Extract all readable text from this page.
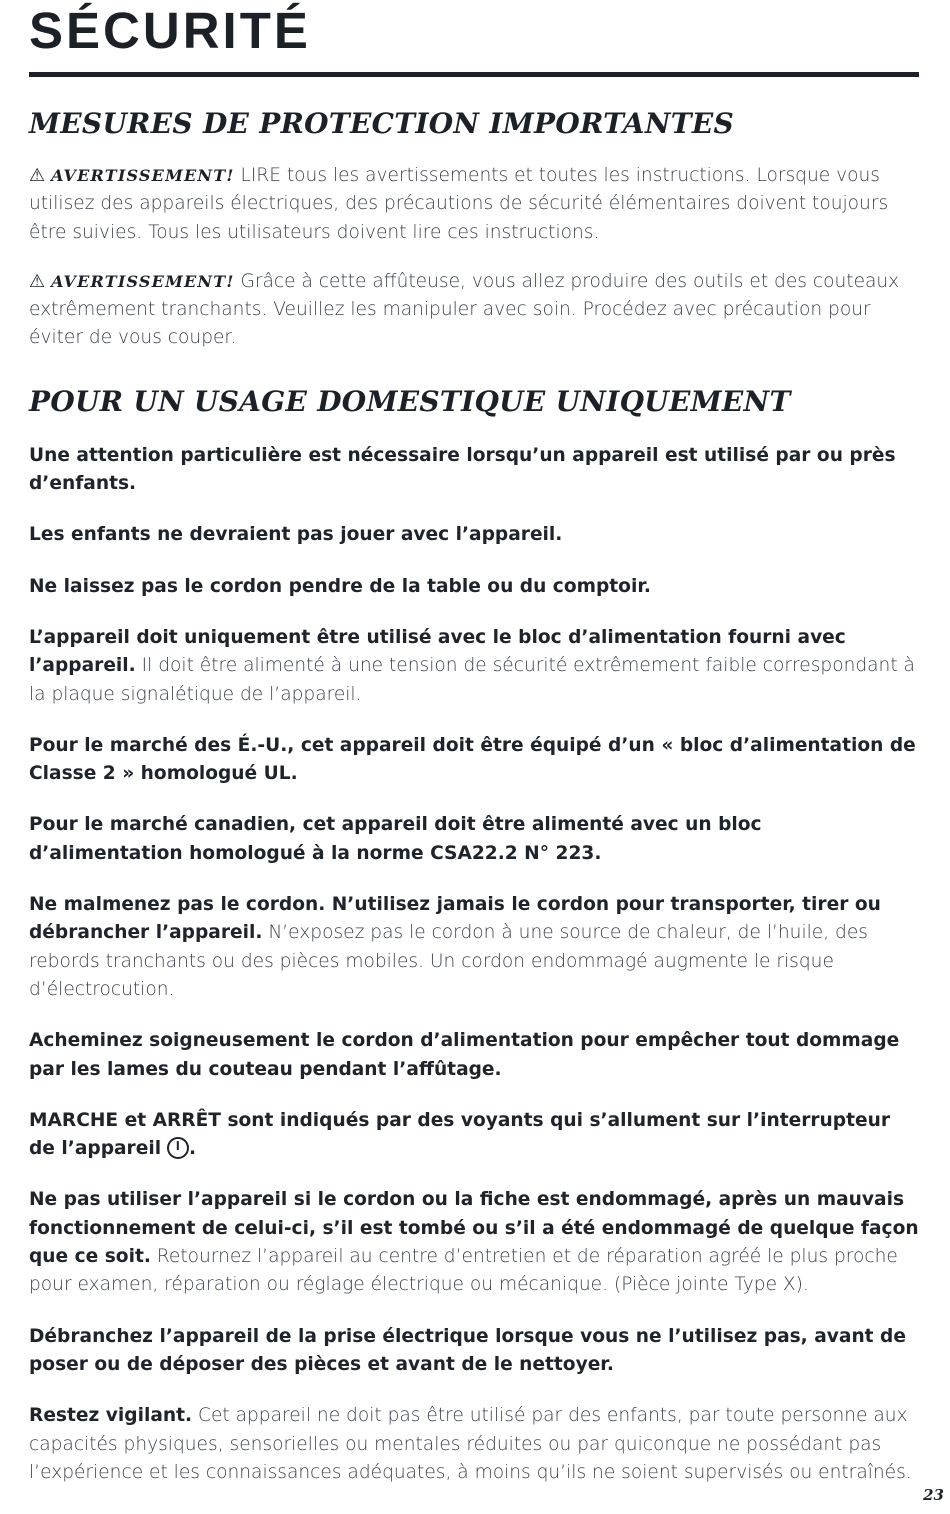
SÉCURITÉ
MESURES DE PROTECTION IMPORTANTES

⚠ AVERTISSEMENT! LIRE tous les avertissements et toutes les instructions. Lorsque vous utilisez des appareils électriques, des précautions de sécurité élémentaires doivent toujours être suivies. Tous les utilisateurs doivent lire ces instructions.

⚠ AVERTISSEMENT! Grâce à cette affûteuse, vous allez produire des outils et des couteaux extrêmement tranchants. Veuillez les manipuler avec soin. Procédez avec précaution pour éviter de vous couper.

POUR UN USAGE DOMESTIQUE UNIQUEMENT

Une attention particulière est nécessaire lorsqu’un appareil est utilisé par ou près d’enfants.

Les enfants ne devraient pas jouer avec l’appareil.

Ne laissez pas le cordon pendre de la table ou du comptoir.

L’appareil doit uniquement être utilisé avec le bloc d’alimentation fourni avec l’appareil. Il doit être alimenté à une tension de sécurité extrêmement faible correspondant à la plaque signalétique de l’appareil.

Pour le marché des É.-U., cet appareil doit être équipé d’un « bloc d’alimentation de Classe 2 » homologué UL.

Pour le marché canadien, cet appareil doit être alimenté avec un bloc d’alimentation homologué à la norme CSA22.2 N° 223.

Ne malmenez pas le cordon. N’utilisez jamais le cordon pour transporter, tirer ou débrancher l’appareil. N’exposez pas le cordon à une source de chaleur, de l’huile, des rebords tranchants ou des pièces mobiles. Un cordon endommagé augmente le risque d’électrocution.

Acheminez soigneusement le cordon d’alimentation pour empêcher tout dommage par les lames du couteau pendant l’affûtage.

MARCHE et ARRÊT sont indiqués par des voyants qui s’allument sur l’interrupteur de l’appareil .

Ne pas utiliser l’appareil si le cordon ou la fiche est endommagé, après un mauvais fonctionnement de celui-ci, s’il est tombé ou s’il a été endommagé de quelque façon que ce soit. Retournez l’appareil au centre d’entretien et de réparation agréé le plus proche pour examen, réparation ou réglage électrique ou mécanique. (Pièce jointe Type X).

Débranchez l’appareil de la prise électrique lorsque vous ne l’utilisez pas, avant de poser ou de déposer des pièces et avant de le nettoyer.

Restez vigilant. Cet appareil ne doit pas être utilisé par des enfants, par toute personne aux capacités physiques, sensorielles ou mentales réduites ou par quiconque ne possédant pas l’expérience et les connaissances adéquates, à moins qu’ils ne soient supervisés ou entraînés.

23
